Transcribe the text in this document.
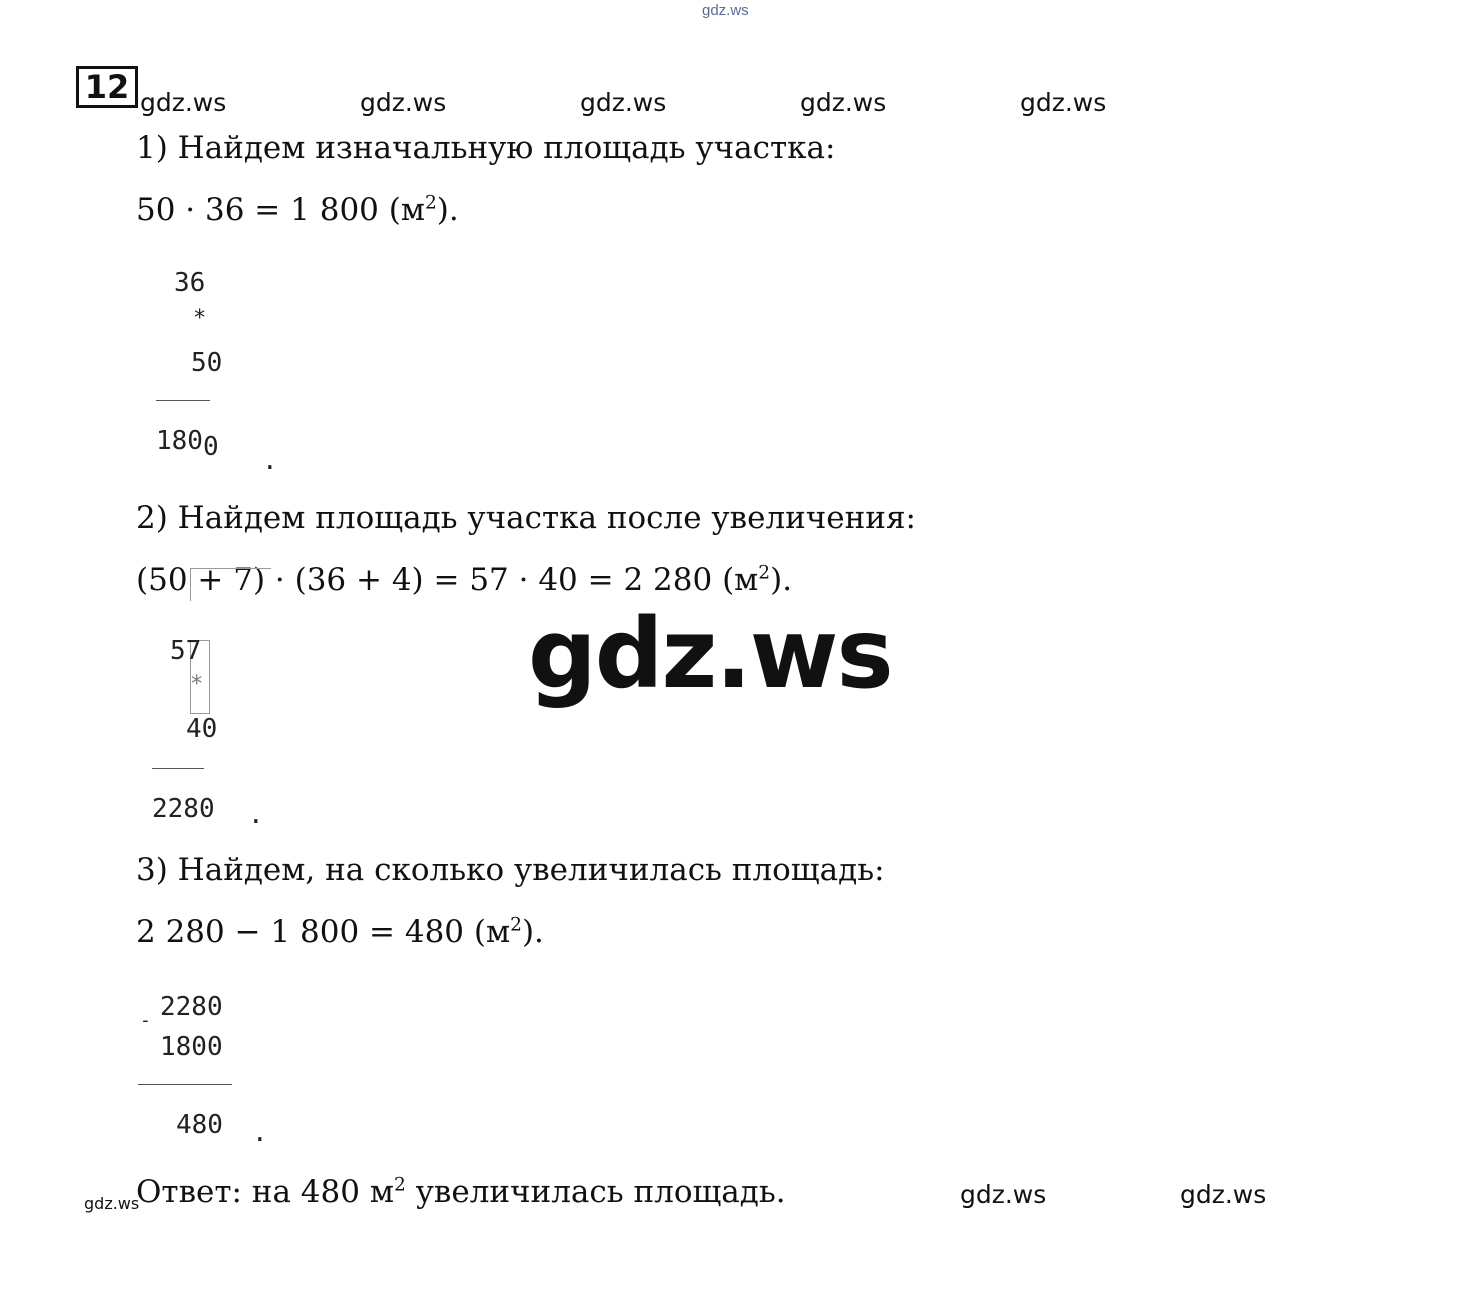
gdz.ws
12 gdz.ws	gdz.ws	gdz.ws	gdz.ws	gdz.ws
1) Найдем изначальную площадь участка:
50 · 36 = 1 800 $(м^2)$.
36
*
50
1800 .
2) Найдем площадь участка после увеличения:
(50 + 7) · (36 + 4) = 57 · 40 = 2 280 $(м^2)$.
57
*
40
2280 .
gdz.ws
3) Найдем, на сколько увеличилась площадь:
2 280 − 1 800 = 480 $(м^2)$.
2280
-
1800
480 .
gdz.ws
Ответ: на 480 $м^2$ увеличилась площадь.	gdz.ws	gdz.ws
